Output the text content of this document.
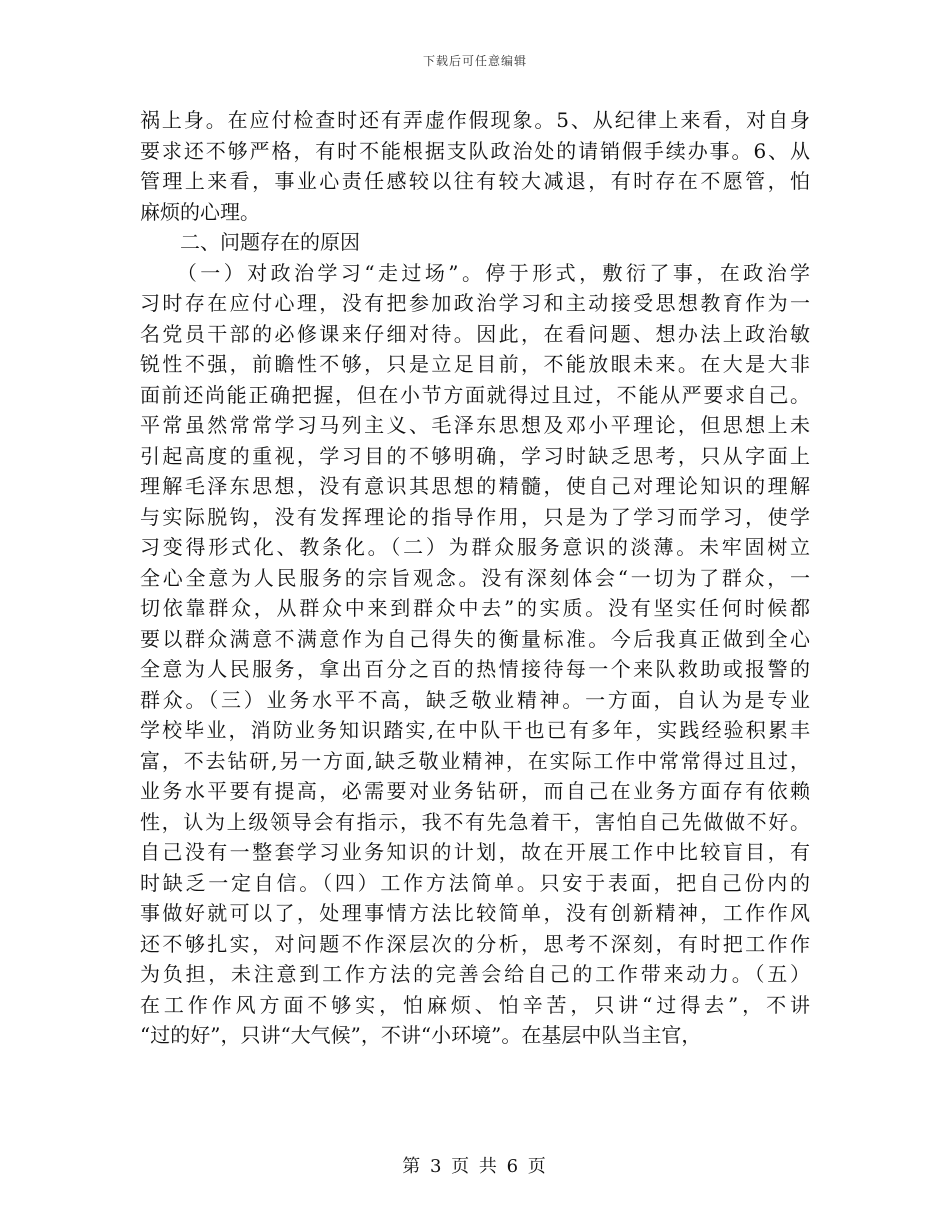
下载后可任意编辑
祸上身。在应付检查时还有弄虚作假现象。5、从纪律上来看，对自身
要求还不够严格，有时不能根据支队政治处的请销假手续办事。6、从
管理上来看，事业心责任感较以往有较大减退，有时存在不愿管，怕
麻烦的心理。
　　二、问题存在的原因
　　（一）对政治学习“走过场”。停于形式，敷衍了事，在政治学
习时存在应付心理，没有把参加政治学习和主动接受思想教育作为一
名党员干部的必修课来仔细对待。因此，在看问题、想办法上政治敏
锐性不强，前瞻性不够，只是立足目前，不能放眼未来。在大是大非
面前还尚能正确把握，但在小节方面就得过且过，不能从严要求自己。
平常虽然常常学习马列主义、毛泽东思想及邓小平理论，但思想上未
引起高度的重视，学习目的不够明确，学习时缺乏思考，只从字面上
理解毛泽东思想，没有意识其思想的精髓，使自己对理论知识的理解
与实际脱钩，没有发挥理论的指导作用，只是为了学习而学习，使学
习变得形式化、教条化。（二）为群众服务意识的淡薄。未牢固树立
全心全意为人民服务的宗旨观念。没有深刻体会“一切为了群众，一
切依靠群众，从群众中来到群众中去”的实质。没有坚实任何时候都
要以群众满意不满意作为自己得失的衡量标准。今后我真正做到全心
全意为人民服务，拿出百分之百的热情接待每一个来队救助或报警的
群众。（三）业务水平不高，缺乏敬业精神。一方面，自认为是专业
学校毕业，消防业务知识踏实,在中队干也已有多年，实践经验积累丰
富，不去钻研,另一方面,缺乏敬业精神，在实际工作中常常得过且过，
业务水平要有提高，必需要对业务钻研，而自己在业务方面存有依赖
性，认为上级领导会有指示，我不有先急着干，害怕自己先做做不好。
自己没有一整套学习业务知识的计划，故在开展工作中比较盲目，有
时缺乏一定自信。（四）工作方法简单。只安于表面，把自己份内的
事做好就可以了，处理事情方法比较简单，没有创新精神，工作作风
还不够扎实，对问题不作深层次的分析，思考不深刻，有时把工作作
为负担，未注意到工作方法的完善会给自己的工作带来动力。（五）
在工作作风方面不够实，怕麻烦、怕辛苦，只讲“过得去”，不讲
“过的好”，只讲“大气候”，不讲“小环境”。在基层中队当主官，
第 3 页 共 6 页
